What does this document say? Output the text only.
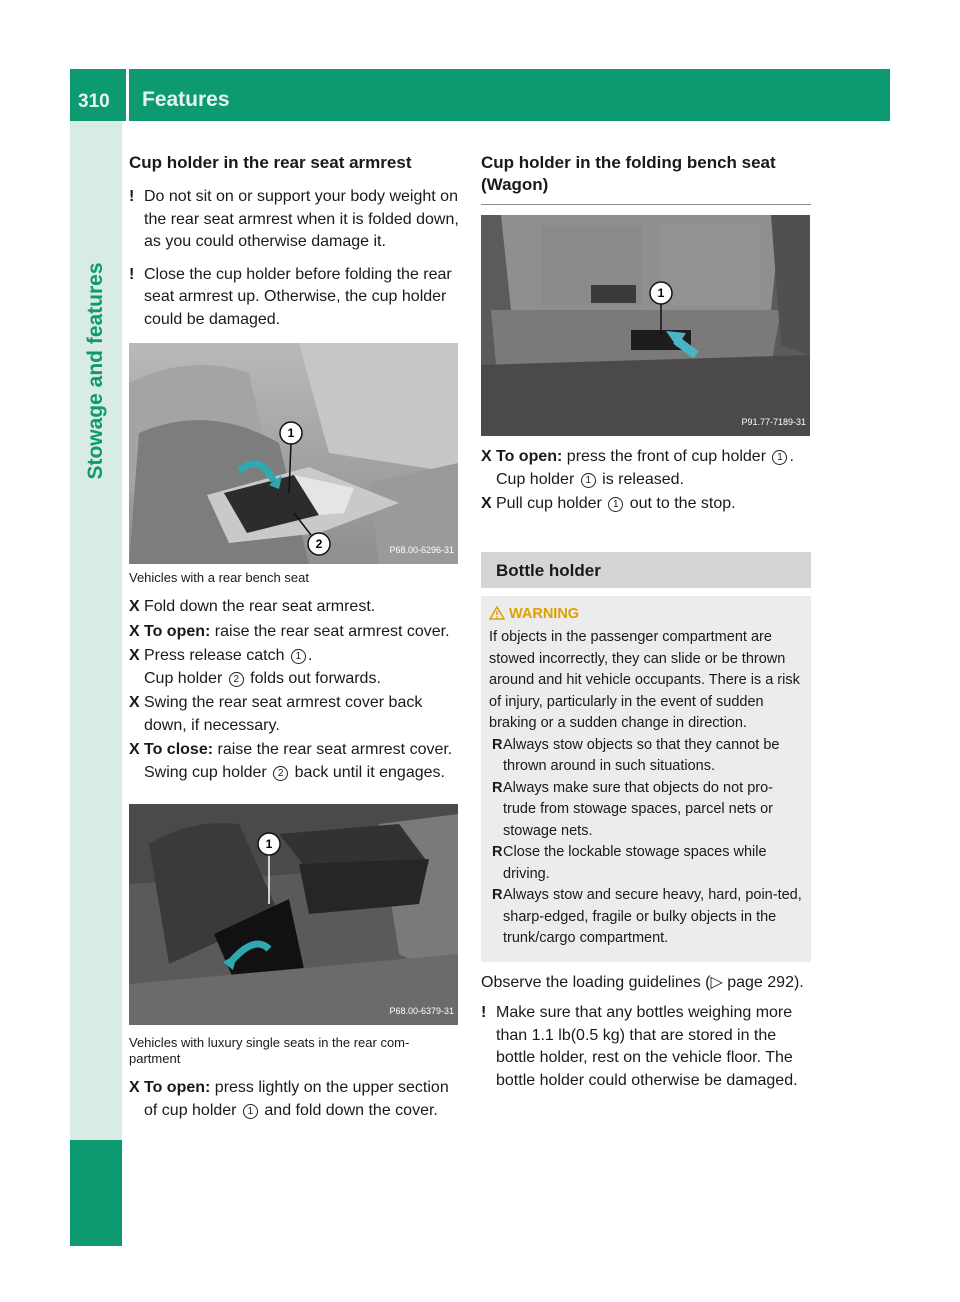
310 Features
Stowage and features
Cup holder in the rear seat armrest
! Do not sit on or support your body weight on the rear seat armrest when it is folded down, as you could otherwise damage it.
! Close the cup holder before folding the rear seat armrest up. Otherwise, the cup holder could be damaged.
1
2	P68.00-6296-31

Vehicles with a rear bench seat

X Fold down the rear seat armrest.
X To open: raise the rear seat armrest cover.
X Press release catch 1 .
Cup holder 2 folds out forwards.
X Swing the rear seat armrest cover back down, if necessary.
X To close: raise the rear seat armrest cover.
Swing cup holder 2 back until it engages.
1
P68.00-6379-31

Vehicles with luxury single seats in the rear com-partment

X To open: press lightly on the upper section of cup holder 1 and fold down the cover.
Cup holder in the folding bench seat (Wagon)
1
P91.77-7189-31
X To open: press the front of cup holder 1 .
Cup holder 1 is released.
X Pull cup holder 1 out to the stop.
Bottle holder
WARNING

If objects in the passenger compartment are stowed incorrectly, they can slide or be thrown around and hit vehicle occupants. There is a risk of injury, particularly in the event of sudden braking or a sudden change in direction.

R Always stow objects so that they cannot be thrown around in such situations.
R Always make sure that objects do not pro-trude from stowage spaces, parcel nets or stowage nets.
R Close the lockable stowage spaces while driving.
R Always stow and secure heavy, hard, poin-ted, sharp-edged, fragile or bulky objects in the trunk/cargo compartment.

Observe the loading guidelines (▷ page 292).

! Make sure that any bottles weighing more than 1.1 lb(0.5 kg) that are stored in the bottle holder, rest on the vehicle floor. The bottle holder could otherwise be damaged.
